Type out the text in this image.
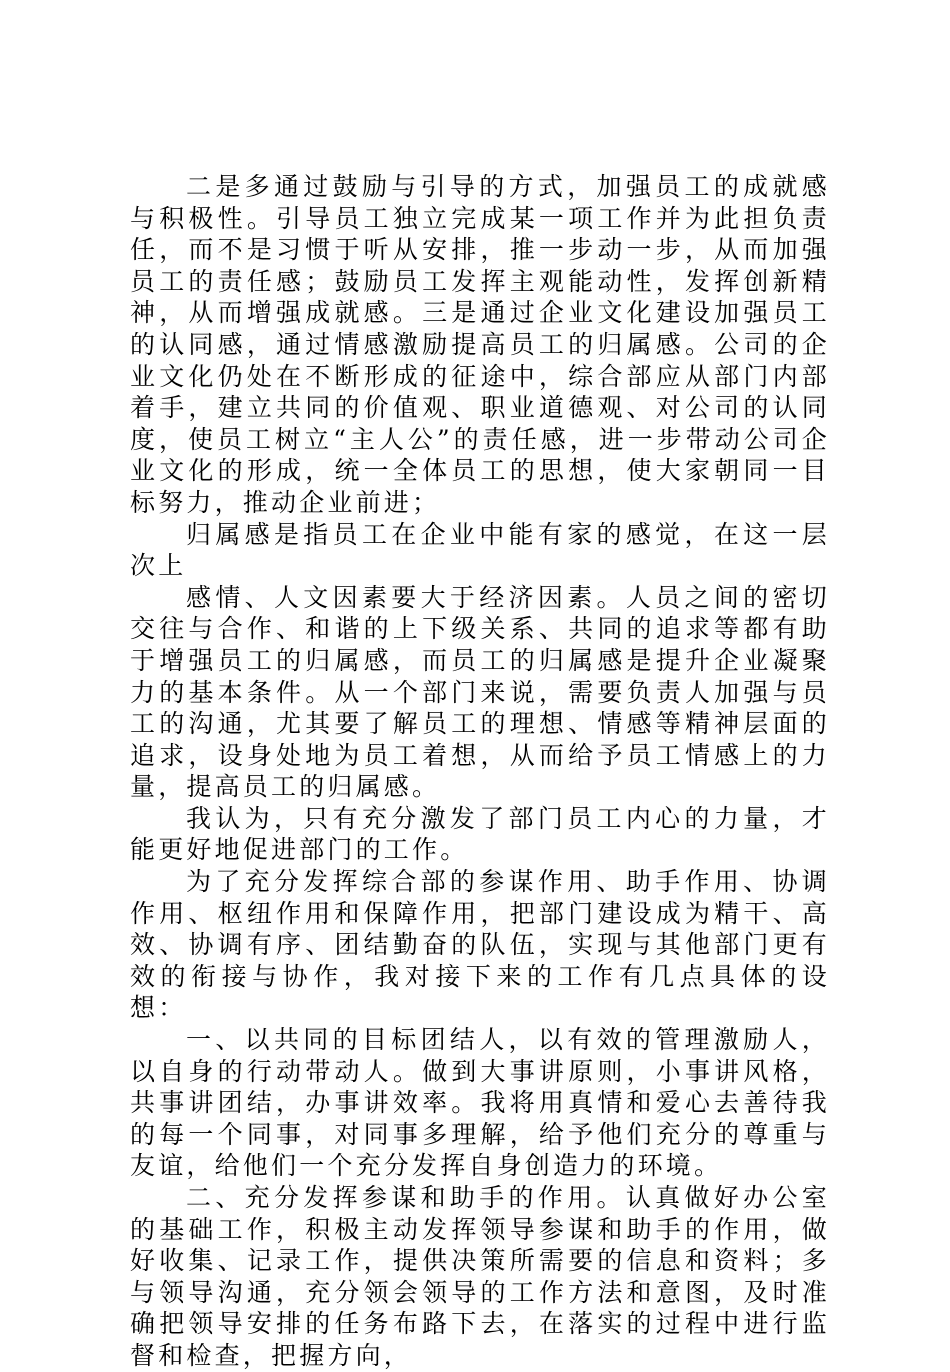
二是多通过鼓励与引导的方式，加强员工的成就感与积极性。引导员工独立完成某一项工作并为此担负责任，而不是习惯于听从安排，推一步动一步，从而加强员工的责任感；鼓励员工发挥主观能动性，发挥创新精神，从而增强成就感。三是通过企业文化建设加强员工的认同感，通过情感激励提高员工的归属感。公司的企业文化仍处在不断形成的征途中，综合部应从部门内部着手，建立共同的价值观、职业道德观、对公司的认同度，使员工树立“主人公”的责任感，进一步带动公司企业文化的形成，统一全体员工的思想，使大家朝同一目标努力，推动企业前进；

归属感是指员工在企业中能有家的感觉，在这一层次上

感情、人文因素要大于经济因素。人员之间的密切交往与合作、和谐的上下级关系、共同的追求等都有助于增强员工的归属感，而员工的归属感是提升企业凝聚力的基本条件。从一个部门来说，需要负责人加强与员工的沟通，尤其要了解员工的理想、情感等精神层面的追求，设身处地为员工着想，从而给予员工情感上的力量，提高员工的归属感。

我认为，只有充分激发了部门员工内心的力量，才能更好地促进部门的工作。

为了充分发挥综合部的参谋作用、助手作用、协调作用、枢纽作用和保障作用，把部门建设成为精干、高效、协调有序、团结勤奋的队伍，实现与其他部门更有效的衔接与协作，我对接下来的工作有几点具体的设想：

一、以共同的目标团结人，以有效的管理激励人，以自身的行动带动人。做到大事讲原则，小事讲风格，共事讲团结，办事讲效率。我将用真情和爱心去善待我的每一个同事，对同事多理解，给予他们充分的尊重与友谊，给他们一个充分发挥自身创造力的环境。

二、充分发挥参谋和助手的作用。认真做好办公室的基础工作，积极主动发挥领导参谋和助手的作用，做好收集、记录工作，提供决策所需要的信息和资料；多与领导沟通，充分领会领导的工作方法和意图，及时准确把领导安排的任务布路下去，在落实的过程中进行监督和检查，把握方向，
